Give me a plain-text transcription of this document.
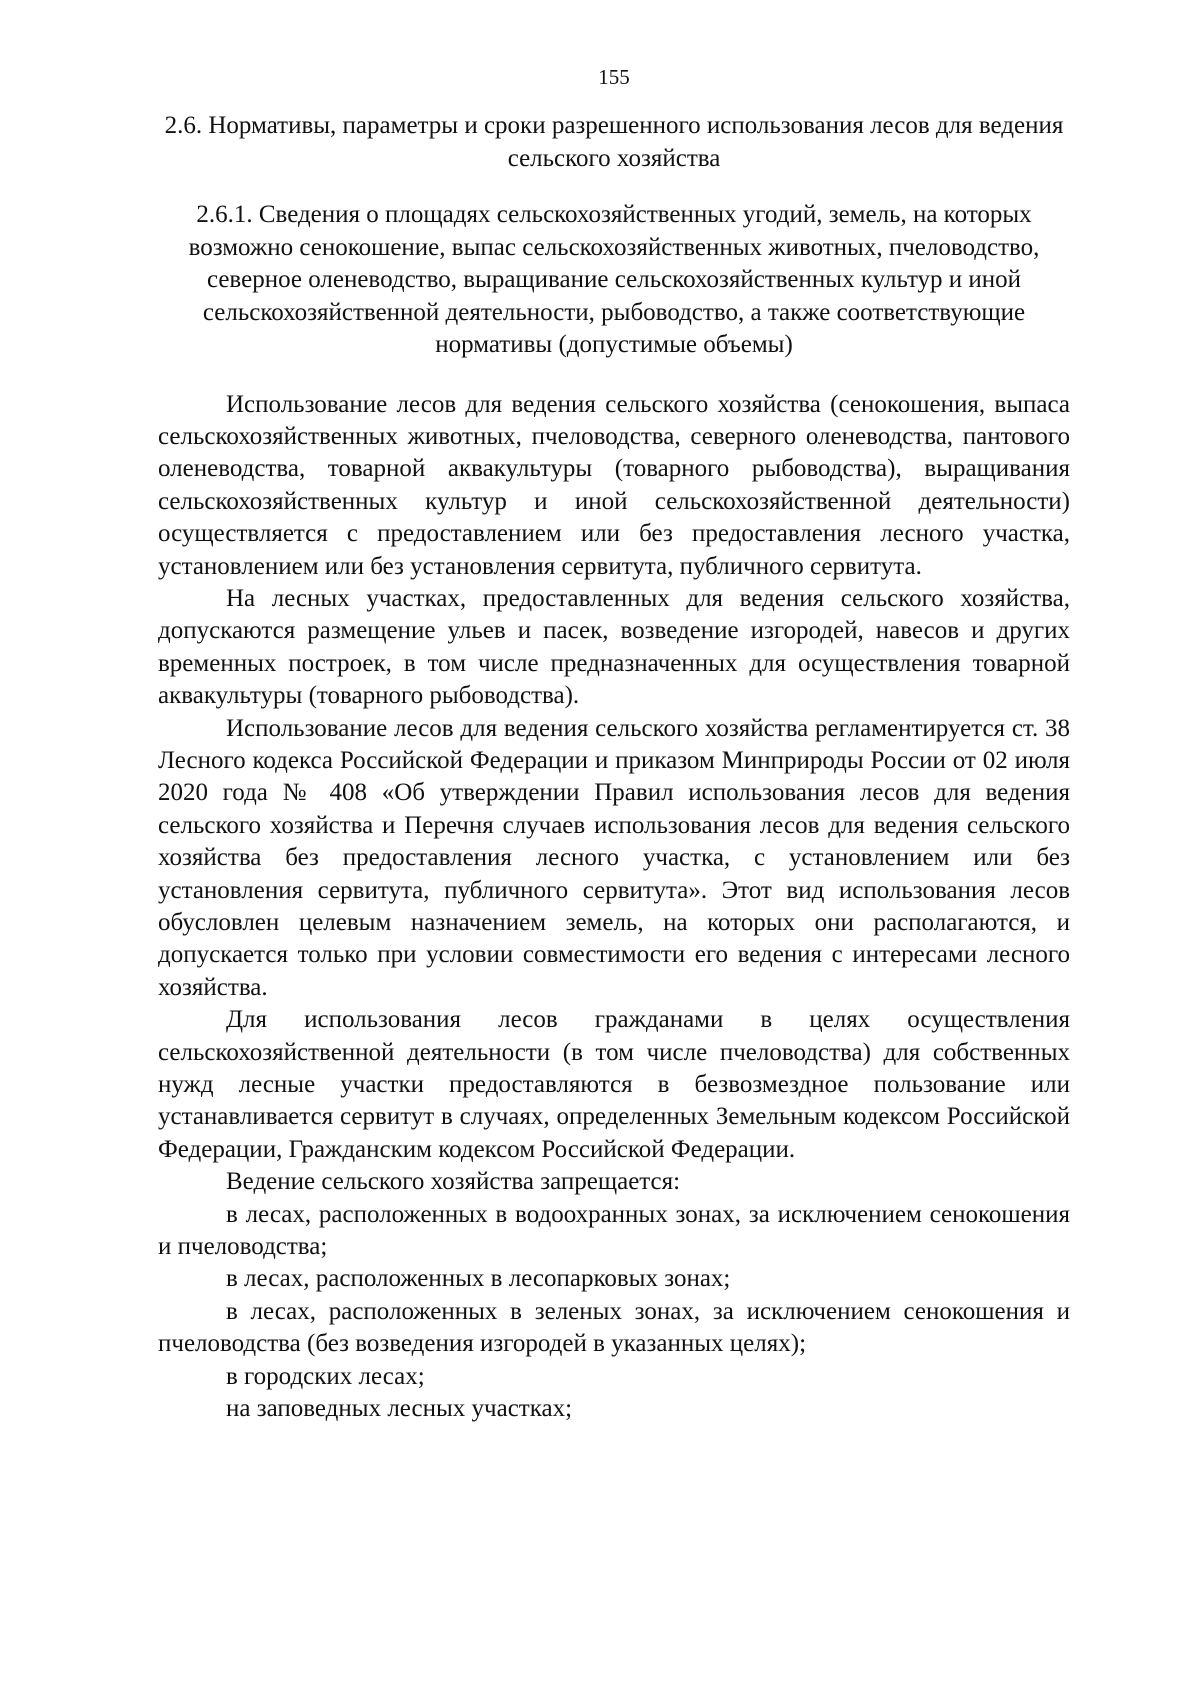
155
2.6. Нормативы, параметры и сроки разрешенного использования лесов для ведения сельского хозяйства
2.6.1. Сведения о площадях сельскохозяйственных угодий, земель, на которых возможно сенокошение, выпас сельскохозяйственных животных, пчеловодство, северное оленеводство, выращивание сельскохозяйственных культур и иной сельскохозяйственной деятельности, рыбоводство, а также соответствующие нормативы (допустимые объемы)

Использование лесов для ведения сельского хозяйства (сенокошения, выпаса сельскохозяйственных животных, пчеловодства, северного оленеводства, пантового оленеводства, товарной аквакультуры (товарного рыбоводства), выращивания сельскохозяйственных культур и иной сельскохозяйственной деятельности) осуществляется с предоставлением или без предоставления лесного участка, установлением или без установления сервитута, публичного сервитута.

На лесных участках, предоставленных для ведения сельского хозяйства, допускаются размещение ульев и пасек, возведение изгородей, навесов и других временных построек, в том числе предназначенных для осуществления товарной аквакультуры (товарного рыбоводства).

Использование лесов для ведения сельского хозяйства регламентируется ст. 38 Лесного кодекса Российской Федерации и приказом Минприроды России от 02 июля 2020 года № 408 «Об утверждении Правил использования лесов для ведения сельского хозяйства и Перечня случаев использования лесов для ведения сельского хозяйства без предоставления лесного участка, с установлением или без установления сервитута, публичного сервитута». Этот вид использования лесов обусловлен целевым назначением земель, на которых они располагаются, и допускается только при условии совместимости его ведения с интересами лесного хозяйства.

Для использования лесов гражданами в целях осуществления сельскохозяйственной деятельности (в том числе пчеловодства) для собственных нужд лесные участки предоставляются в безвозмездное пользование или устанавливается сервитут в случаях, определенных Земельным кодексом Российской Федерации, Гражданским кодексом Российской Федерации.

Ведение сельского хозяйства запрещается:

в лесах, расположенных в водоохранных зонах, за исключением сенокошения и пчеловодства;

в лесах, расположенных в лесопарковых зонах;

в лесах, расположенных в зеленых зонах, за исключением сенокошения и пчеловодства (без возведения изгородей в указанных целях);

в городских лесах;

на заповедных лесных участках;
